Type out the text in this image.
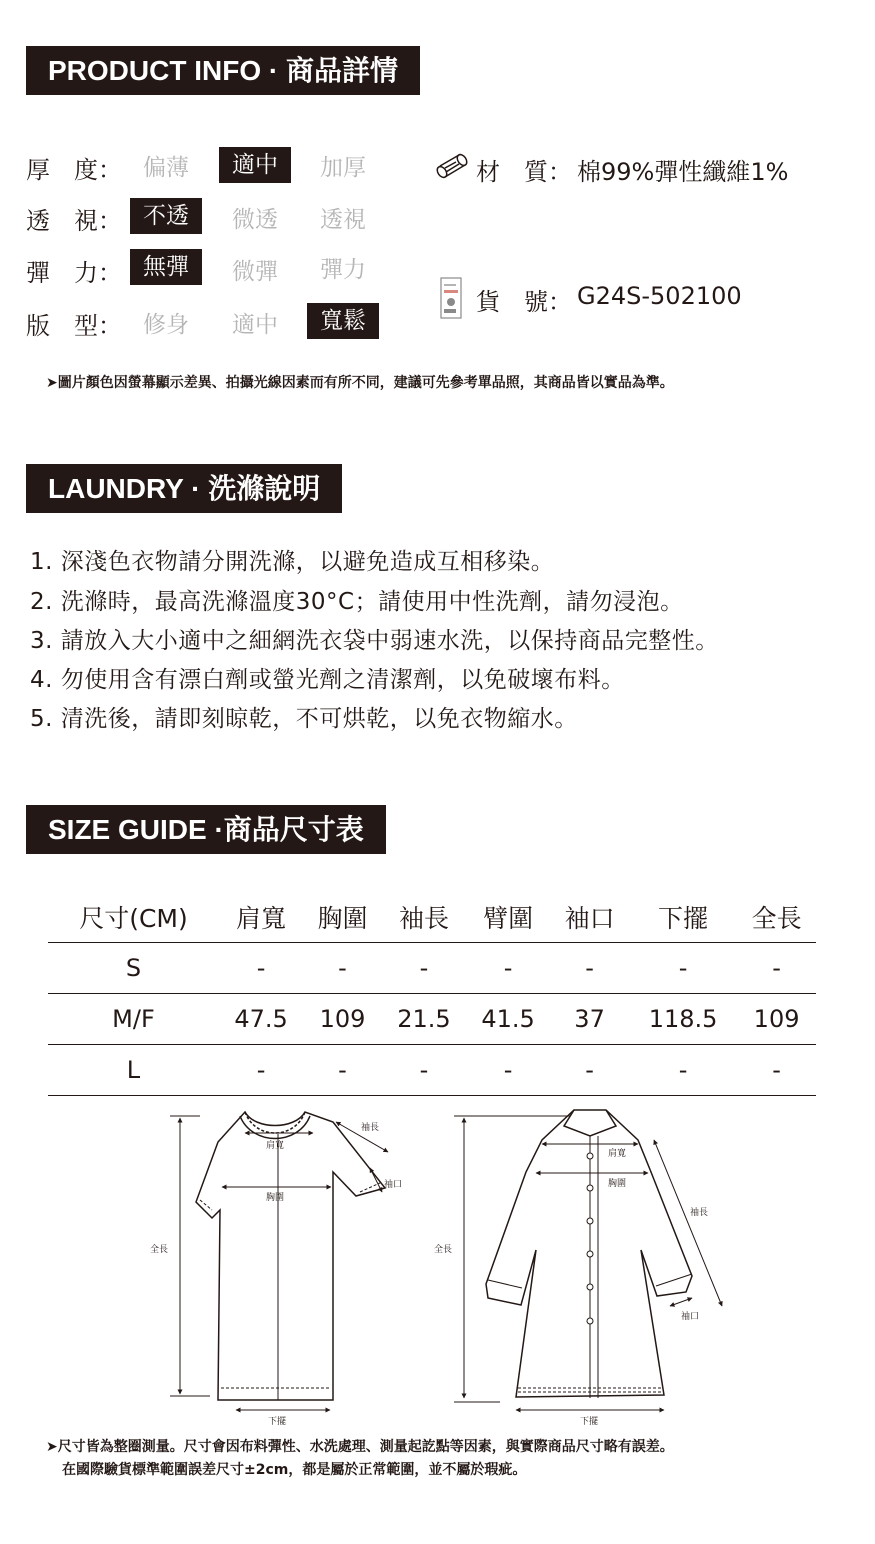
PRODUCT INFO · 商品詳情
厚　度： 偏薄	適中	加厚
透　視： 不透	微透	透視
彈　力： 無彈	微彈	彈力
版　型： 修身	適中	寬鬆
材　質： 棉99%彈性纖維1%
貨　號： G24S-502100
➤圖片顏色因螢幕顯示差異、拍攝光線因素而有所不同，建議可先參考單品照，其商品皆以實品為準。
LAUNDRY · 洗滌說明
1. 深淺色衣物請分開洗滌，以避免造成互相移染。
2. 洗滌時，最高洗滌溫度30°C；請使用中性洗劑，請勿浸泡。
3. 請放入大小適中之細網洗衣袋中弱速水洗，以保持商品完整性。
4. 勿使用含有漂白劑或螢光劑之清潔劑，以免破壞布料。
5. 清洗後，請即刻晾乾，不可烘乾，以免衣物縮水。
SIZE GUIDE ·商品尺寸表
尺寸(CM)	肩寬	胸圍	袖長	臂圍	袖口	下擺	全長
S	-	-	-	-	-	-	-
M/F	47.5	109	21.5	41.5	37	118.5	109
L	-	-	-	-	-	-	-
全長
肩寬
胸圍
袖長
袖口
下擺
全長
肩寬
胸圍
袖長
袖口
下擺
➤尺寸皆為整圈測量。尺寸會因布料彈性、水洗處理、測量起訖點等因素，與實際商品尺寸略有誤差。
在國際驗貨標準範圍誤差尺寸±2cm，都是屬於正常範圍，並不屬於瑕疵。
